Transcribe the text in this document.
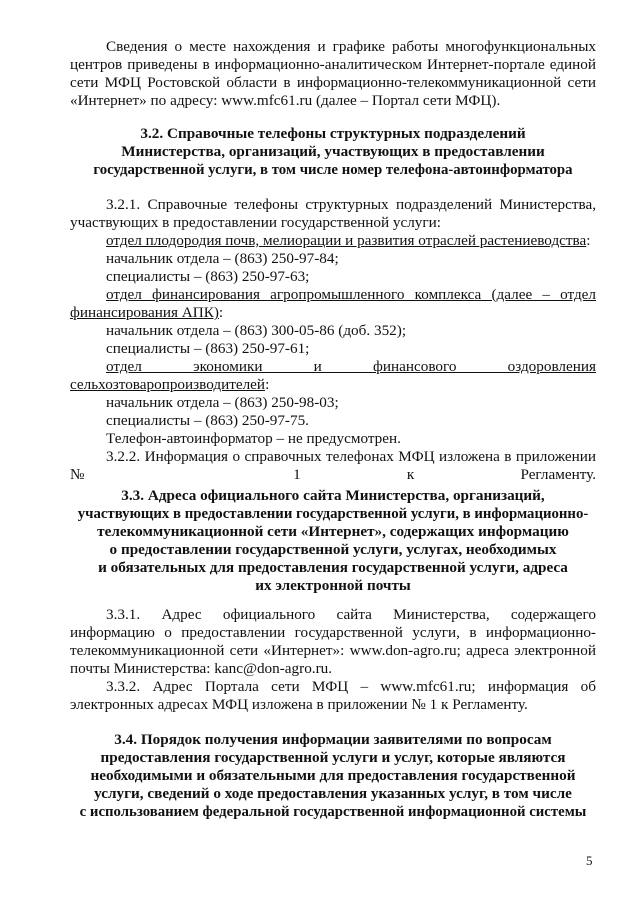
Сведения о месте нахождения и графике работы многофункциональных центров приведены в информационно-аналитическом Интернет-портале единой сети МФЦ Ростовской области в информационно-телекоммуникационной сети «Интернет» по адресу: www.mfc61.ru (далее – Портал сети МФЦ).

3.2. Справочные телефоны структурных подразделений

Министерства, организаций, участвующих в предоставлении

государственной услуги, в том числе номер телефона-автоинформатора

3.2.1. Справочные телефоны структурных подразделений Министерства, участвующих в предоставлении государственной услуги:

отдел плодородия почв, мелиорации и развития отраслей растениеводства:

начальник отдела – (863) 250-97-84;

специалисты – (863) 250-97-63;

отдел финансирования агропромышленного комплекса (далее – отдел финансирования АПК):

начальник отдела – (863) 300-05-86 (доб. 352);

специалисты – (863) 250-97-61;

отдел экономики и финансового оздоровления сельхозтоваропроизводителей:

начальник отдела – (863) 250-98-03;

специалисты – (863) 250-97-75.

Телефон-автоинформатор – не предусмотрен.

3.2.2. Информация о справочных телефонах МФЦ изложена в приложении № 1 к Регламенту.

3.3. Адреса официального сайта Министерства, организаций,

участвующих в предоставлении государственной услуги, в информационно-

телекоммуникационной сети «Интернет», содержащих информацию

о предоставлении государственной услуги, услугах, необходимых

и обязательных для предоставления государственной услуги, адреса

их электронной почты

3.3.1. Адрес официального сайта Министерства, содержащего информацию о предоставлении государственной услуги, в информационно-телекоммуникационной сети «Интернет»: www.don-agro.ru; адреса электронной почты Министерства: kanc@don-agro.ru.

3.3.2. Адрес Портала сети МФЦ – www.mfc61.ru; информация об электронных адресах МФЦ изложена в приложении № 1 к Регламенту.

3.4. Порядок получения информации заявителями по вопросам

предоставления государственной услуги и услуг, которые являются

необходимыми и обязательными для предоставления государственной

услуги, сведений о ходе предоставления указанных услуг, в том числе

с использованием федеральной государственной информационной системы

5
